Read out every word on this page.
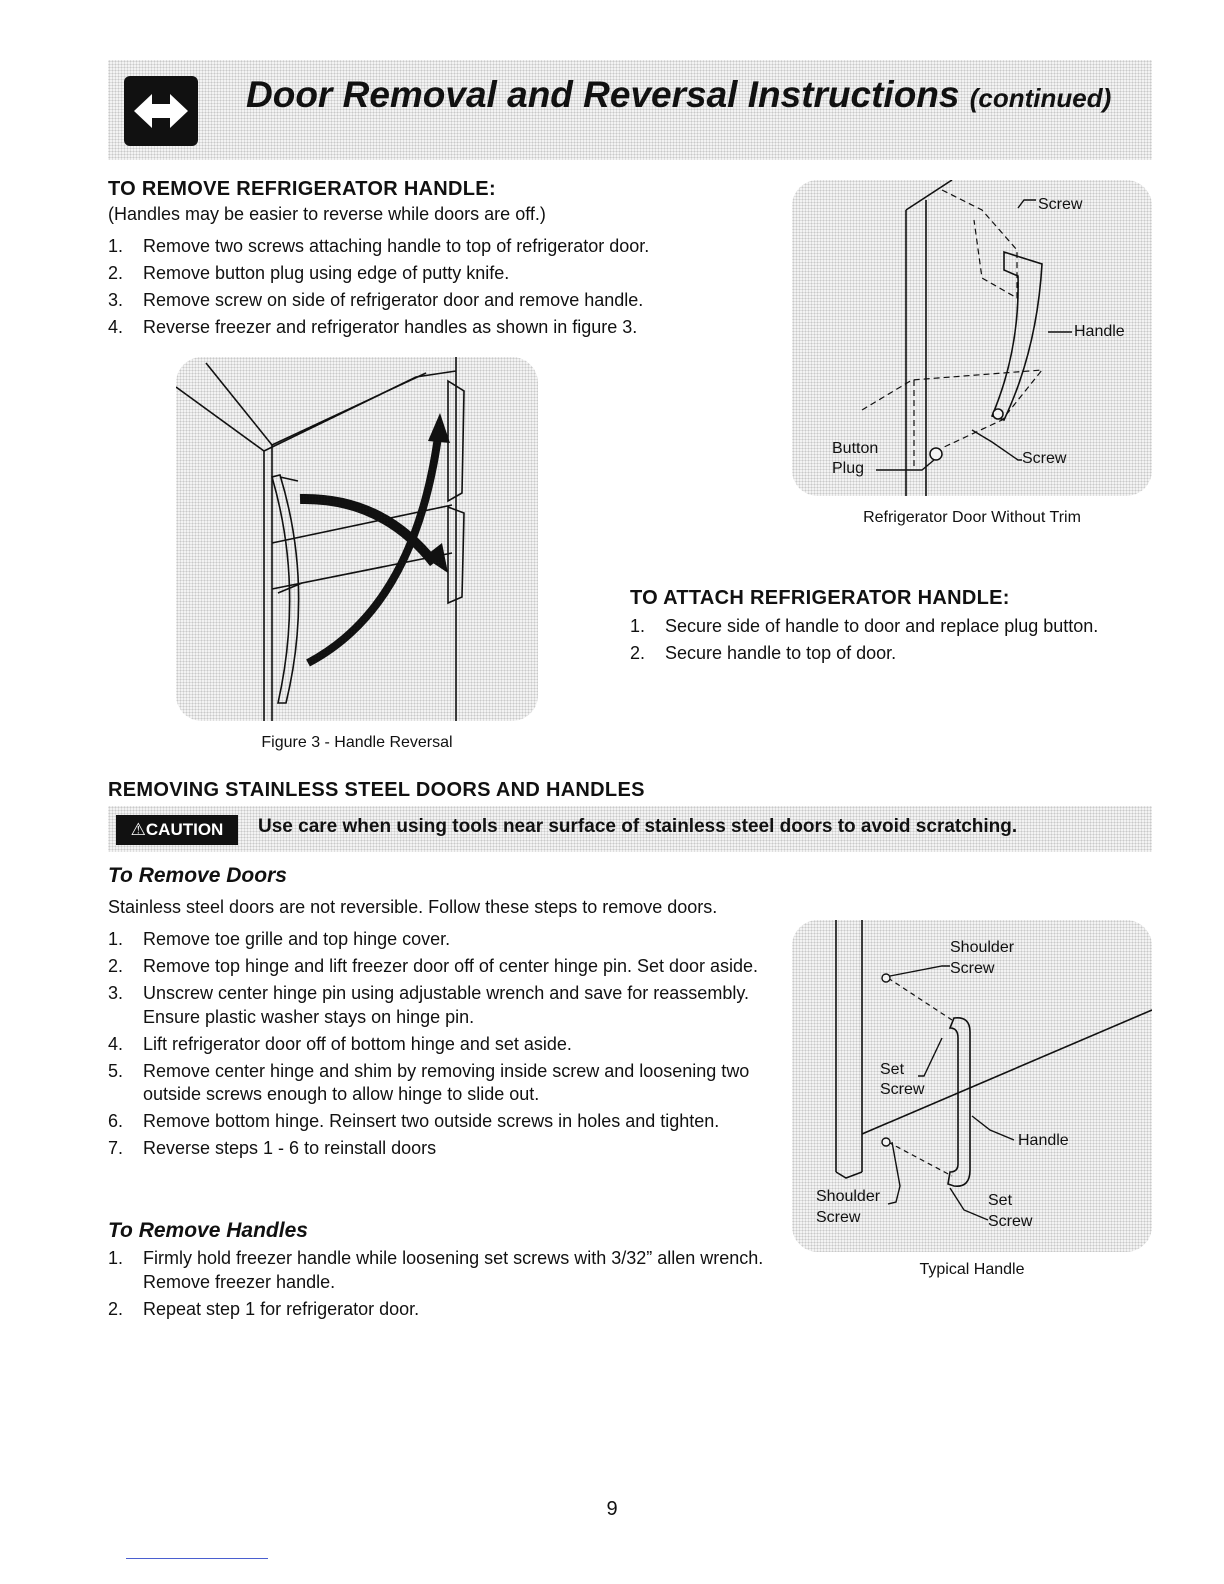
Door Removal and Reversal Instructions (continued)
TO REMOVE REFRIGERATOR HANDLE:
(Handles may be easier to reverse while doors are off.)
1. Remove two screws attaching handle to top of refrigerator door.
2. Remove button plug using edge of putty knife.
3. Remove screw on side of refrigerator door and remove handle.
4. Reverse freezer and refrigerator handles as shown in figure 3.
Screw
Handle
Button
Plug
Screw
Refrigerator Door Without Trim
Figure 3 - Handle Reversal
TO ATTACH REFRIGERATOR HANDLE:
1. Secure side of handle to door and replace plug button.
2. Secure handle to top of door.
REMOVING STAINLESS STEEL DOORS AND HANDLES
⚠CAUTION	Use care when using tools near surface of stainless steel doors to avoid scratching.
To Remove Doors
Stainless steel doors are not reversible. Follow these steps to remove doors.
1. Remove toe grille and top hinge cover.
2. Remove top hinge and lift freezer door off of center hinge pin. Set door aside.
3. Unscrew center hinge pin using adjustable wrench and save for reassembly. Ensure plastic washer stays on hinge pin.
4. Lift refrigerator door off of bottom hinge and set aside.
5. Remove center hinge and shim by removing inside screw and loosening two outside screws enough to allow hinge to slide out.
6. Remove bottom hinge. Reinsert two outside screws in holes and tighten.
7. Reverse steps 1 - 6 to reinstall doors
To Remove Handles
1. Firmly hold freezer handle while loosening set screws with 3/32” allen wrench. Remove freezer handle.
2. Repeat step 1 for refrigerator door.
Shoulder
Screw
Set
Screw
Handle
Shoulder
Screw
Set
Screw
Typical Handle
9
